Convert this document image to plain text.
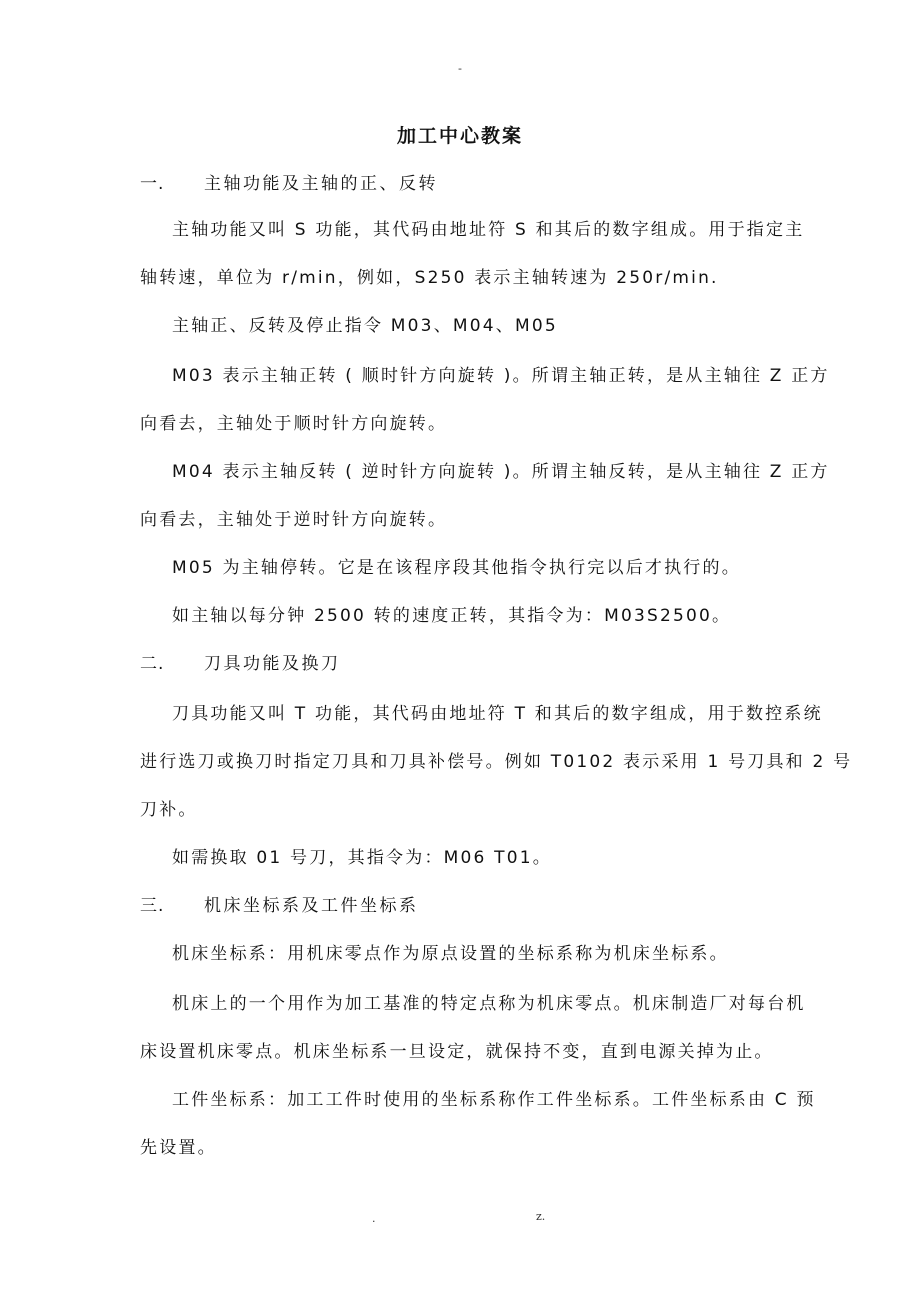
-
加工中心教案
一. 主轴功能及主轴的正、反转
主轴功能又叫 S 功能，其代码由地址符 S 和其后的数字组成。用于指定主
轴转速，单位为 r/min，例如，S250 表示主轴转速为 250r/min.
主轴正、反转及停止指令 M03、M04、M05
M03 表示主轴正转 ( 顺时针方向旋转 )。所谓主轴正转，是从主轴往 Z 正方
向看去，主轴处于顺时针方向旋转。
M04 表示主轴反转 ( 逆时针方向旋转 )。所谓主轴反转，是从主轴往 Z 正方
向看去，主轴处于逆时针方向旋转。
M05 为主轴停转。它是在该程序段其他指令执行完以后才执行的。
如主轴以每分钟 2500 转的速度正转，其指令为：M03S2500。
二. 刀具功能及换刀
刀具功能又叫 T 功能，其代码由地址符 T 和其后的数字组成，用于数控系统
进行选刀或换刀时指定刀具和刀具补偿号。例如 T0102 表示采用 1 号刀具和 2 号
刀补。
如需换取 01 号刀，其指令为：M06 T01。
三. 机床坐标系及工件坐标系
机床坐标系：用机床零点作为原点设置的坐标系称为机床坐标系。
机床上的一个用作为加工基准的特定点称为机床零点。机床制造厂对每台机
床设置机床零点。机床坐标系一旦设定，就保持不变，直到电源关掉为止。
工件坐标系：加工工件时使用的坐标系称作工件坐标系。工件坐标系由 C 预
先设置。
.	z.
